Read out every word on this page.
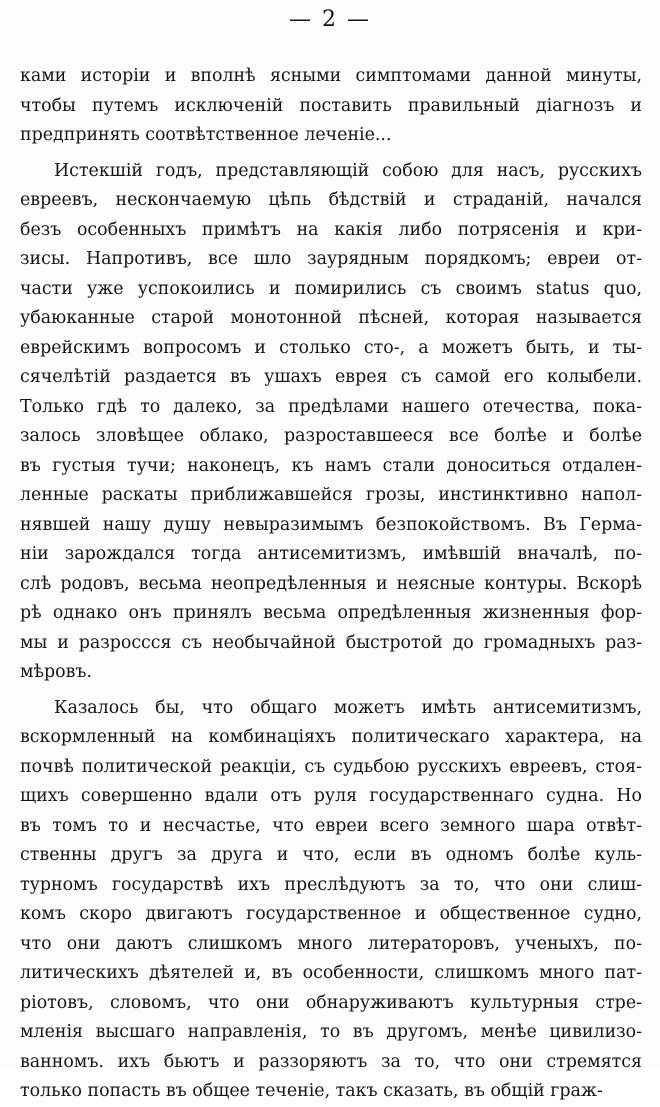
— 2 —
ками исторіи и вполнѣ ясными симптомами данной минуты,
чтобы путемъ исключеній поставить правильный діагнозъ и
предпринять соотвѣтственное леченіе...
Истекшій годъ, представляющій собою для насъ, русскихъ
евреевъ, нескончаемую цѣпь бѣдствій и страданій, начался
безъ особенныхъ примѣтъ на какія либо потрясенія и кри-
зисы. Напротивъ, все шло заурядным порядкомъ; евреи от-
части уже успокоились и помирились съ своимъ status quo,
убаюканные старой монотонной пѣсней, которая называется
еврейскимъ вопросомъ и столько сто-, а можетъ быть, и ты-
сячелѣтій раздается въ ушахъ еврея съ самой его колыбели.
Только гдѣ то далеко, за предѣлами нашего отечества, пока-
залось зловѣщее облако, разроставшееся все болѣе и болѣе
въ густыя тучи; наконецъ, къ намъ стали доноситься отдален-
ленные раскаты приближавшейся грозы, инстинктивно напол-
нявшей нашу душу невыразимымъ безпокойствомъ. Въ Герма-
ніи зарождался тогда антисемитизмъ, имѣвшій вначалѣ, по-
слѣ родовъ, весьма неопредѣленныя и неясные контуры. Вскорѣ
рѣ однако онъ принялъ весьма опредѣленныя жизненныя фор-
мы и разроссся съ необычайной быстротой до громадныхъ раз-
мѣровъ.
Казалось бы, что общаго можетъ имѣть антисемитизмъ,
вскормленный на комбинаціяхъ политическаго характера, на
почвѣ политической реакціи, съ судьбою русскихъ евреевъ, стоя-
щихъ совершенно вдали отъ руля государственнаго судна. Но
въ томъ то и несчастье, что евреи всего земного шара отвѣт-
ственны другъ за друга и что, если въ одномъ болѣе куль-
турномъ государствѣ ихъ преслѣдуютъ за то, что они слиш-
комъ скоро двигаютъ государственное и общественное судно,
что они даютъ слишкомъ много литераторовъ, ученыхъ, по-
литическихъ дѣятелей и, въ особенности, слишкомъ много пат-
ріотовъ, словомъ, что они обнаруживаютъ культурныя стре-
мленія высшаго направленія, то въ другомъ, менѣе цивилизо-
ванномъ. ихъ бьютъ и раззоряютъ за то, что они стремятся
только попасть въ общее теченіе, такъ сказать, въ общій граж-
